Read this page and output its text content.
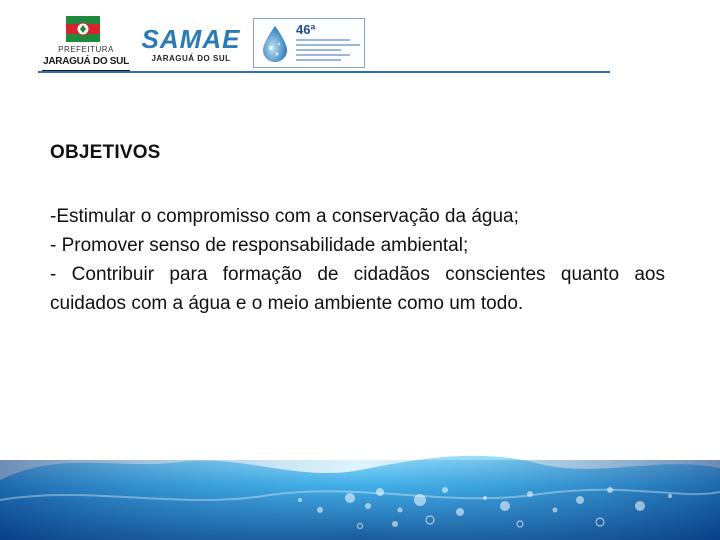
PREFEITURA
JARAGUÁ DO SUL
SAMAE
JARAGUÁ DO SUL
46ª
OBJETIVOS

-Estimular o compromisso com a conservação da água;

- Promover senso de responsabilidade ambiental;

- Contribuir para formação de cidadãos conscientes quanto aos cuidados com a água e o meio ambiente como um todo.
